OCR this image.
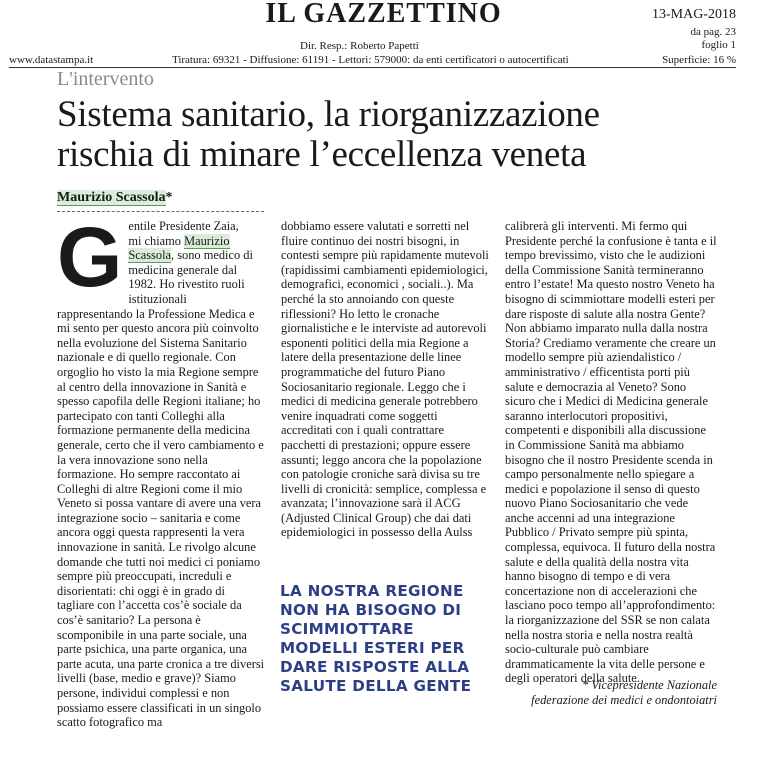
IL GAZZETTINO	13-MAG-2018
da pag. 23
foglio 1
Dir. Resp.: Roberto Papetti
www.datastampa.it	Tiratura: 69321 - Diffusione: 61191 - Lettori: 579000: da enti certificatori o autocertificati	Superficie: 16 %
L'intervento
Sistema sanitario, la riorganizzazione
rischia di minare l’eccellenza veneta
Maurizio Scassola*
G entile Presidente Zaia,
mi chiamo Maurizio Scassola, sono medico di medicina generale dal 1982. Ho rivestito ruoli istituzionali rappresentando la Professione Medica e mi sento per questo ancora più coinvolto nella evoluzione del Sistema Sanitario nazionale e di quello regionale. Con orgoglio ho visto la mia Regione sempre al centro della innovazione in Sanità e spesso capofila delle Regioni italiane; ho partecipato con tanti Colleghi alla formazione permanente della medicina generale, certo che il vero cambiamento e la vera innovazione sono nella formazione. Ho sempre raccontato ai Colleghi di altre Regioni come il mio Veneto si possa vantare di avere una vera integrazione socio – sanitaria e come ancora oggi questa rappresenti la vera innovazione in sanità. Le rivolgo alcune domande che tutti noi medici ci poniamo sempre più preoccupati, increduli e disorientati: chi oggi è in grado di tagliare con l’accetta cos’è sociale da cos’è sanitario? La persona è scomponibile in una parte sociale, una parte psichica, una parte organica, una parte acuta, una parte cronica a tre diversi livelli (base, medio e grave)? Siamo persone, individui complessi e non possiamo essere classificati in un singolo scatto fotografico ma

dobbiamo essere valutati e sorretti nel fluire continuo dei nostri bisogni, in contesti sempre più rapidamente mutevoli (rapidissimi cambiamenti epidemiologici, demografici, economici , sociali..). Ma perché la sto annoiando con queste riflessioni? Ho letto le cronache giornalistiche e le interviste ad autorevoli esponenti politici della mia Regione a latere della presentazione delle linee programmatiche del futuro Piano Sociosanitario regionale. Leggo che i medici di medicina generale potrebbero venire inquadrati come soggetti accreditati con i quali contrattare pacchetti di prestazioni; oppure essere assunti; leggo ancora che la popolazione con patologie croniche sarà divisa su tre livelli di cronicità: semplice, complessa e avanzata; l’innovazione sarà il ACG (Adjusted Clinical Group) che dai dati epidemiologici in possesso della Aulss

LA NOSTRA REGIONE NON HA BISOGNO DI SCIMMIOTTARE MODELLI ESTERI PER DARE RISPOSTE ALLA SALUTE DELLA GENTE

calibrerà gli interventi. Mi fermo qui Presidente perché la confusione è tanta e il tempo brevissimo, visto che le audizioni della Commissione Sanità termineranno entro l’estate! Ma questo nostro Veneto ha bisogno di scimmiottare modelli esteri per dare risposte di salute alla nostra Gente? Non abbiamo imparato nulla dalla nostra Storia? Crediamo veramente che creare un modello sempre più aziendalistico / amministrativo / efficentista porti più salute e democrazia al Veneto? Sono sicuro che i Medici di Medicina generale saranno interlocutori propositivi, competenti e disponibili alla discussione in Commissione Sanità ma abbiamo bisogno che il nostro Presidente scenda in campo personalmente nello spiegare a medici e popolazione il senso di questo nuovo Piano Sociosanitario che vede anche accenni ad una integrazione Pubblico / Privato sempre più spinta, complessa, equivoca. Il futuro della nostra salute e della qualità della nostra vita hanno bisogno di tempo e di vera concertazione non di accelerazioni che lasciano poco tempo all’approfondimento: la riorganizzazione del SSR se non calata nella nostra storia e nella nostra realtà socio-culturale può cambiare drammaticamente la vita delle persone e degli operatori della salute.

* Vicepresidente Nazionale
federazione dei medici e ondontoiatri
